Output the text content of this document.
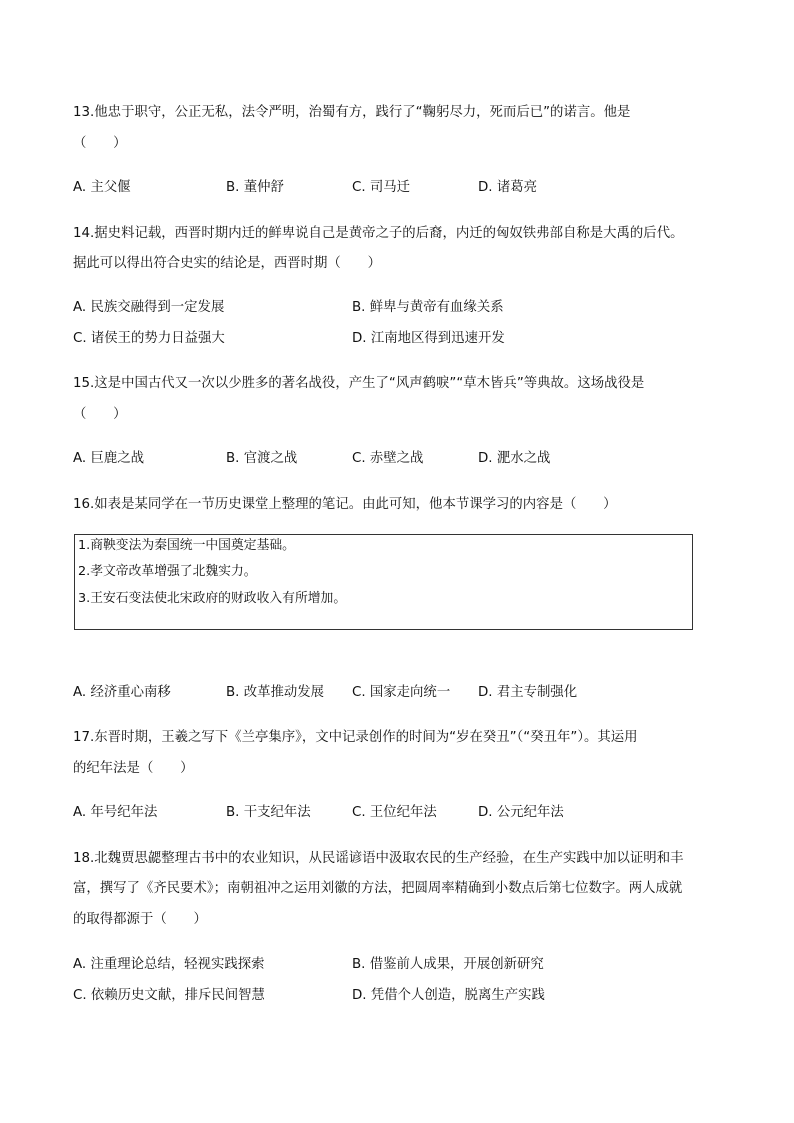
13.他忠于职守，公正无私，法令严明，治蜀有方，践行了“鞠躬尽力，死而后已”的诺言。他是
（　　）
A. 主父偃	B. 董仲舒	C. 司马迁	D. 诸葛亮
14.据史料记载，西晋时期内迁的鲜卑说自己是黄帝之子的后裔，内迁的匈奴铁弗部自称是大禹的后代。
据此可以得出符合史实的结论是，西晋时期（　　）
A. 民族交融得到一定发展	B. 鲜卑与黄帝有血缘关系
C. 诸侯王的势力日益强大	D. 江南地区得到迅速开发
15.这是中国古代又一次以少胜多的著名战役，产生了“风声鹤唳”“草木皆兵”等典故。这场战役是
（　　）
A. 巨鹿之战	B. 官渡之战	C. 赤壁之战	D. 淝水之战
16.如表是某同学在一节历史课堂上整理的笔记。由此可知，他本节课学习的内容是（　　）
1.商鞅变法为秦国统一中国奠定基础。
2.孝文帝改革增强了北魏实力。
3.王安石变法使北宋政府的财政收入有所增加。
A. 经济重心南移	B. 改革推动发展 C. 国家走向统一 D. 君主专制强化
17.东晋时期，王羲之写下《兰亭集序》，文中记录创作的时间为“岁在癸丑”（“癸丑年”）。其运用
的纪年法是（　　）
A. 年号纪年法	B. 干支纪年法	C. 王位纪年法	D. 公元纪年法
18.北魏贾思勰整理古书中的农业知识，从民谣谚语中汲取农民的生产经验，在生产实践中加以证明和丰
富，撰写了《齐民要术》；南朝祖冲之运用刘徽的方法，把圆周率精确到小数点后第七位数字。两人成就
的取得都源于（　　）
A. 注重理论总结，轻视实践探索	B. 借鉴前人成果，开展创新研究
C. 依赖历史文献，排斥民间智慧	D. 凭借个人创造，脱离生产实践
